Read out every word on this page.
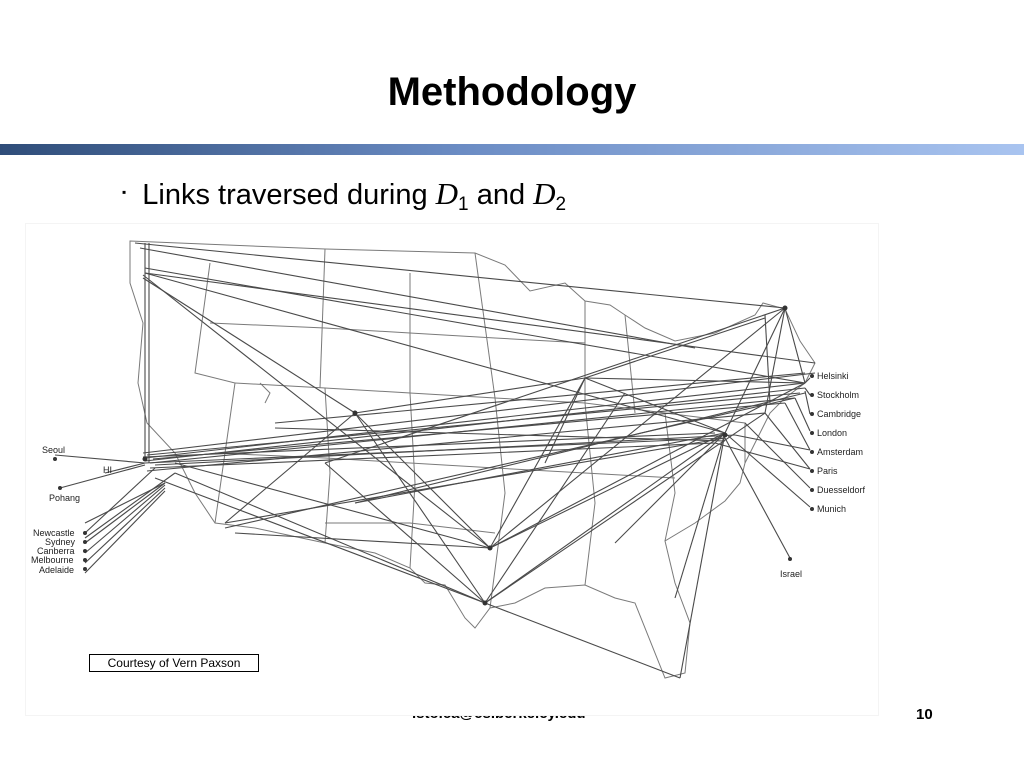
Methodology
▪ Links traversed during $D_1$ and $D_2$
10
Seoul
Pohang
HI
Newcastle
Sydney
Canberra
Melbourne
Adelaide
Helsinki
Stockholm
Cambridge
London
Amsterdam
Paris
Duesseldorf
Munich
Israel
Courtesy of Vern Paxson
